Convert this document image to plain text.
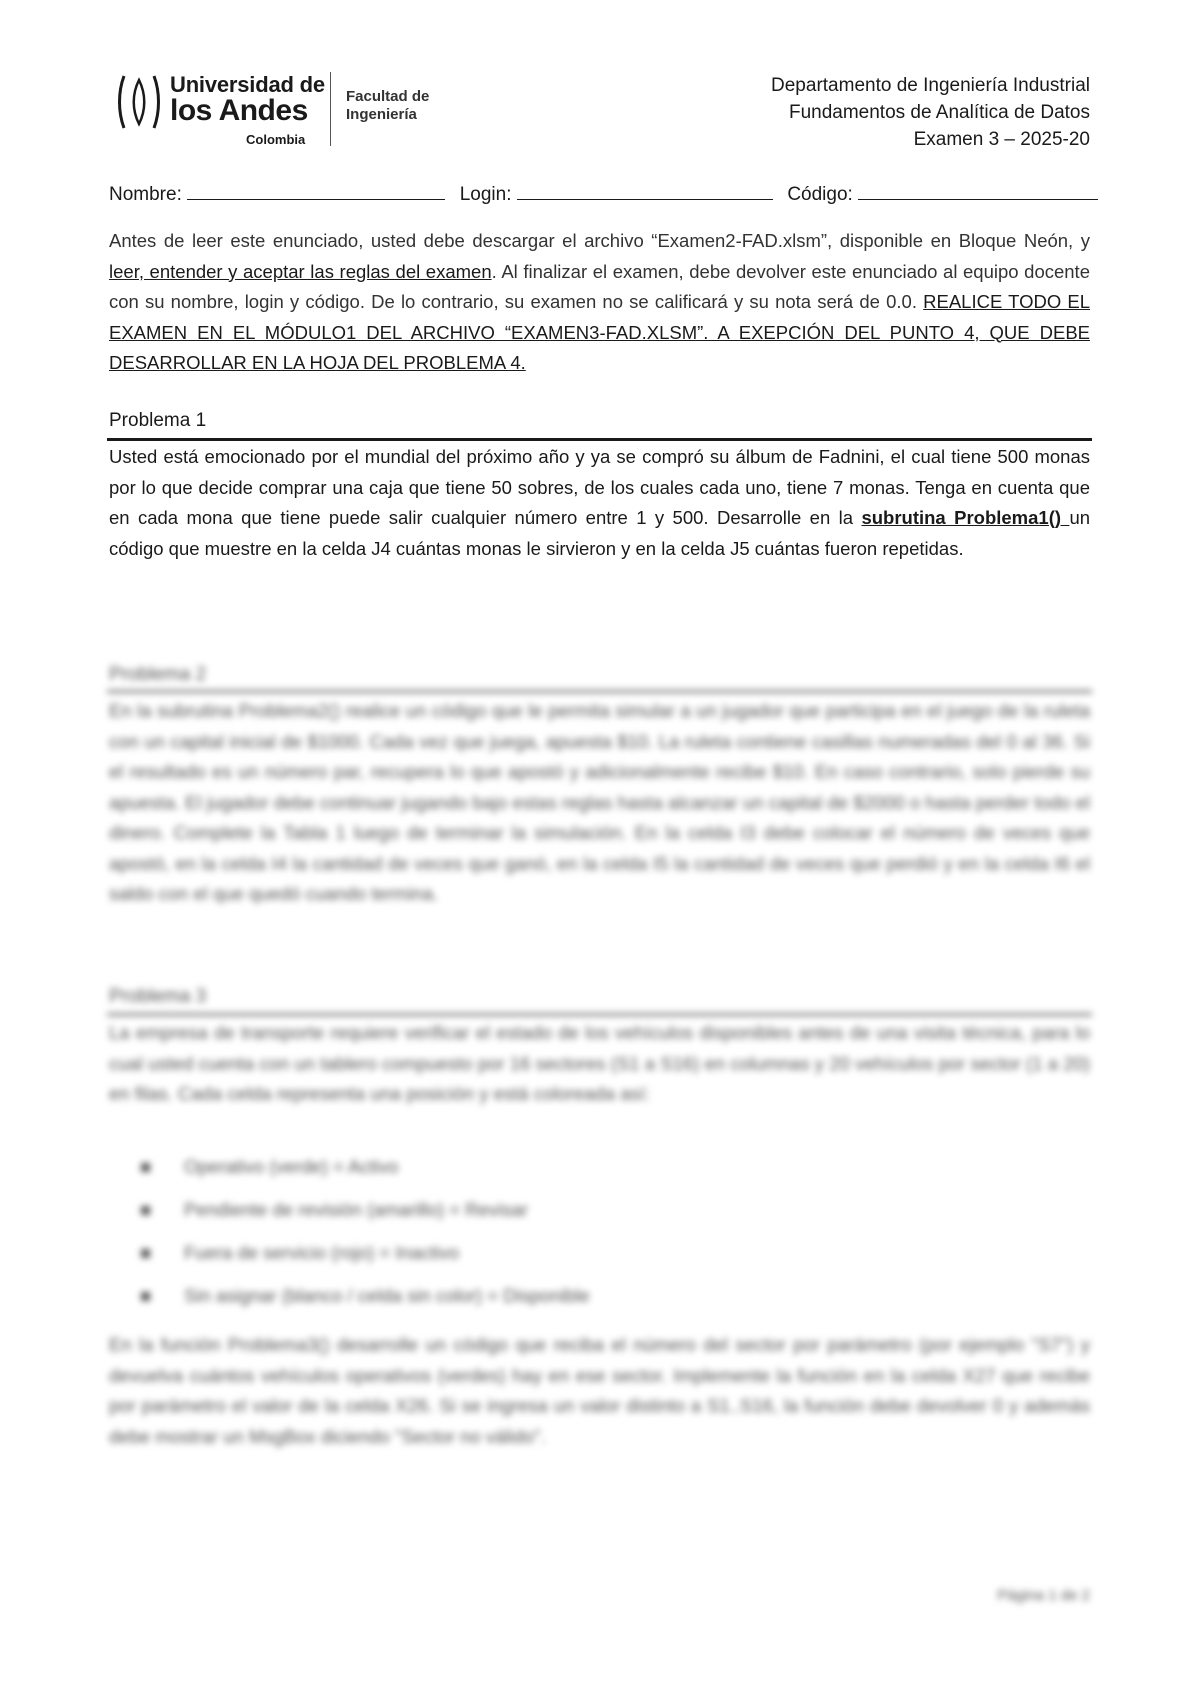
Universidad de
los Andes
Colombia
Facultad de
Ingeniería
Departamento de Ingeniería Industrial
Fundamentos de Analítica de Datos
Examen 3 – 2025-20
Nombre:	Login:	Código:
Antes de leer este enunciado, usted debe descargar el archivo “Examen2-FAD.xlsm”, disponible en Bloque Neón, y leer, entender y aceptar las reglas del examen. Al finalizar el examen, debe devolver este enunciado al equipo docente con su nombre, login y código. De lo contrario, su examen no se calificará y su nota será de 0.0. REALICE TODO EL EXAMEN EN EL MÓDULO1 DEL ARCHIVO “EXAMEN3-FAD.XLSM”. A EXEPCIÓN DEL PUNTO 4, QUE DEBE DESARROLLAR EN LA HOJA DEL PROBLEMA 4.
Problema 1
Usted está emocionado por el mundial del próximo año y ya se compró su álbum de Fadnini, el cual tiene 500 monas por lo que decide comprar una caja que tiene 50 sobres, de los cuales cada uno, tiene 7 monas. Tenga en cuenta que en cada mona que tiene puede salir cualquier número entre 1 y 500. Desarrolle en la subrutina Problema1() un código que muestre en la celda J4 cuántas monas le sirvieron y en la celda J5 cuántas fueron repetidas.
Problema 2
En la subrutina Problema2() realice un código que le permita simular a un jugador que participa en el juego de la ruleta con un capital inicial de $1000. Cada vez que juega, apuesta $10. La ruleta contiene casillas numeradas del 0 al 36. Si el resultado es un número par, recupera lo que apostó y adicionalmente recibe $10. En caso contrario, solo pierde su apuesta. El jugador debe continuar jugando bajo estas reglas hasta alcanzar un capital de $2000 o hasta perder todo el dinero. Complete la Tabla 1 luego de terminar la simulación. En la celda I3 debe colocar el número de veces que apostó, en la celda I4 la cantidad de veces que ganó, en la celda I5 la cantidad de veces que perdió y en la celda I6 el saldo con el que quedó cuando termina.
Problema 3
La empresa de transporte requiere verificar el estado de los vehículos disponibles antes de una visita técnica, para lo cual usted cuenta con un tablero compuesto por 16 sectores (S1 a S16) en columnas y 20 vehículos por sector (1 a 20) en filas. Cada celda representa una posición y está coloreada así:
■ Operativo (verde) = Activo
■ Pendiente de revisión (amarillo) = Revisar
■ Fuera de servicio (rojo) = Inactivo
■ Sin asignar (blanco / celda sin color) = Disponible
En la función Problema3() desarrolle un código que reciba el número del sector por parámetro (por ejemplo "S7") y devuelva cuántos vehículos operativos (verdes) hay en ese sector. Implemente la función en la celda X27 que recibe por parámetro el valor de la celda X26. Si se ingresa un valor distinto a S1..S16, la función debe devolver 0 y además debe mostrar un MsgBox diciendo "Sector no válido".
Página 1 de 2
